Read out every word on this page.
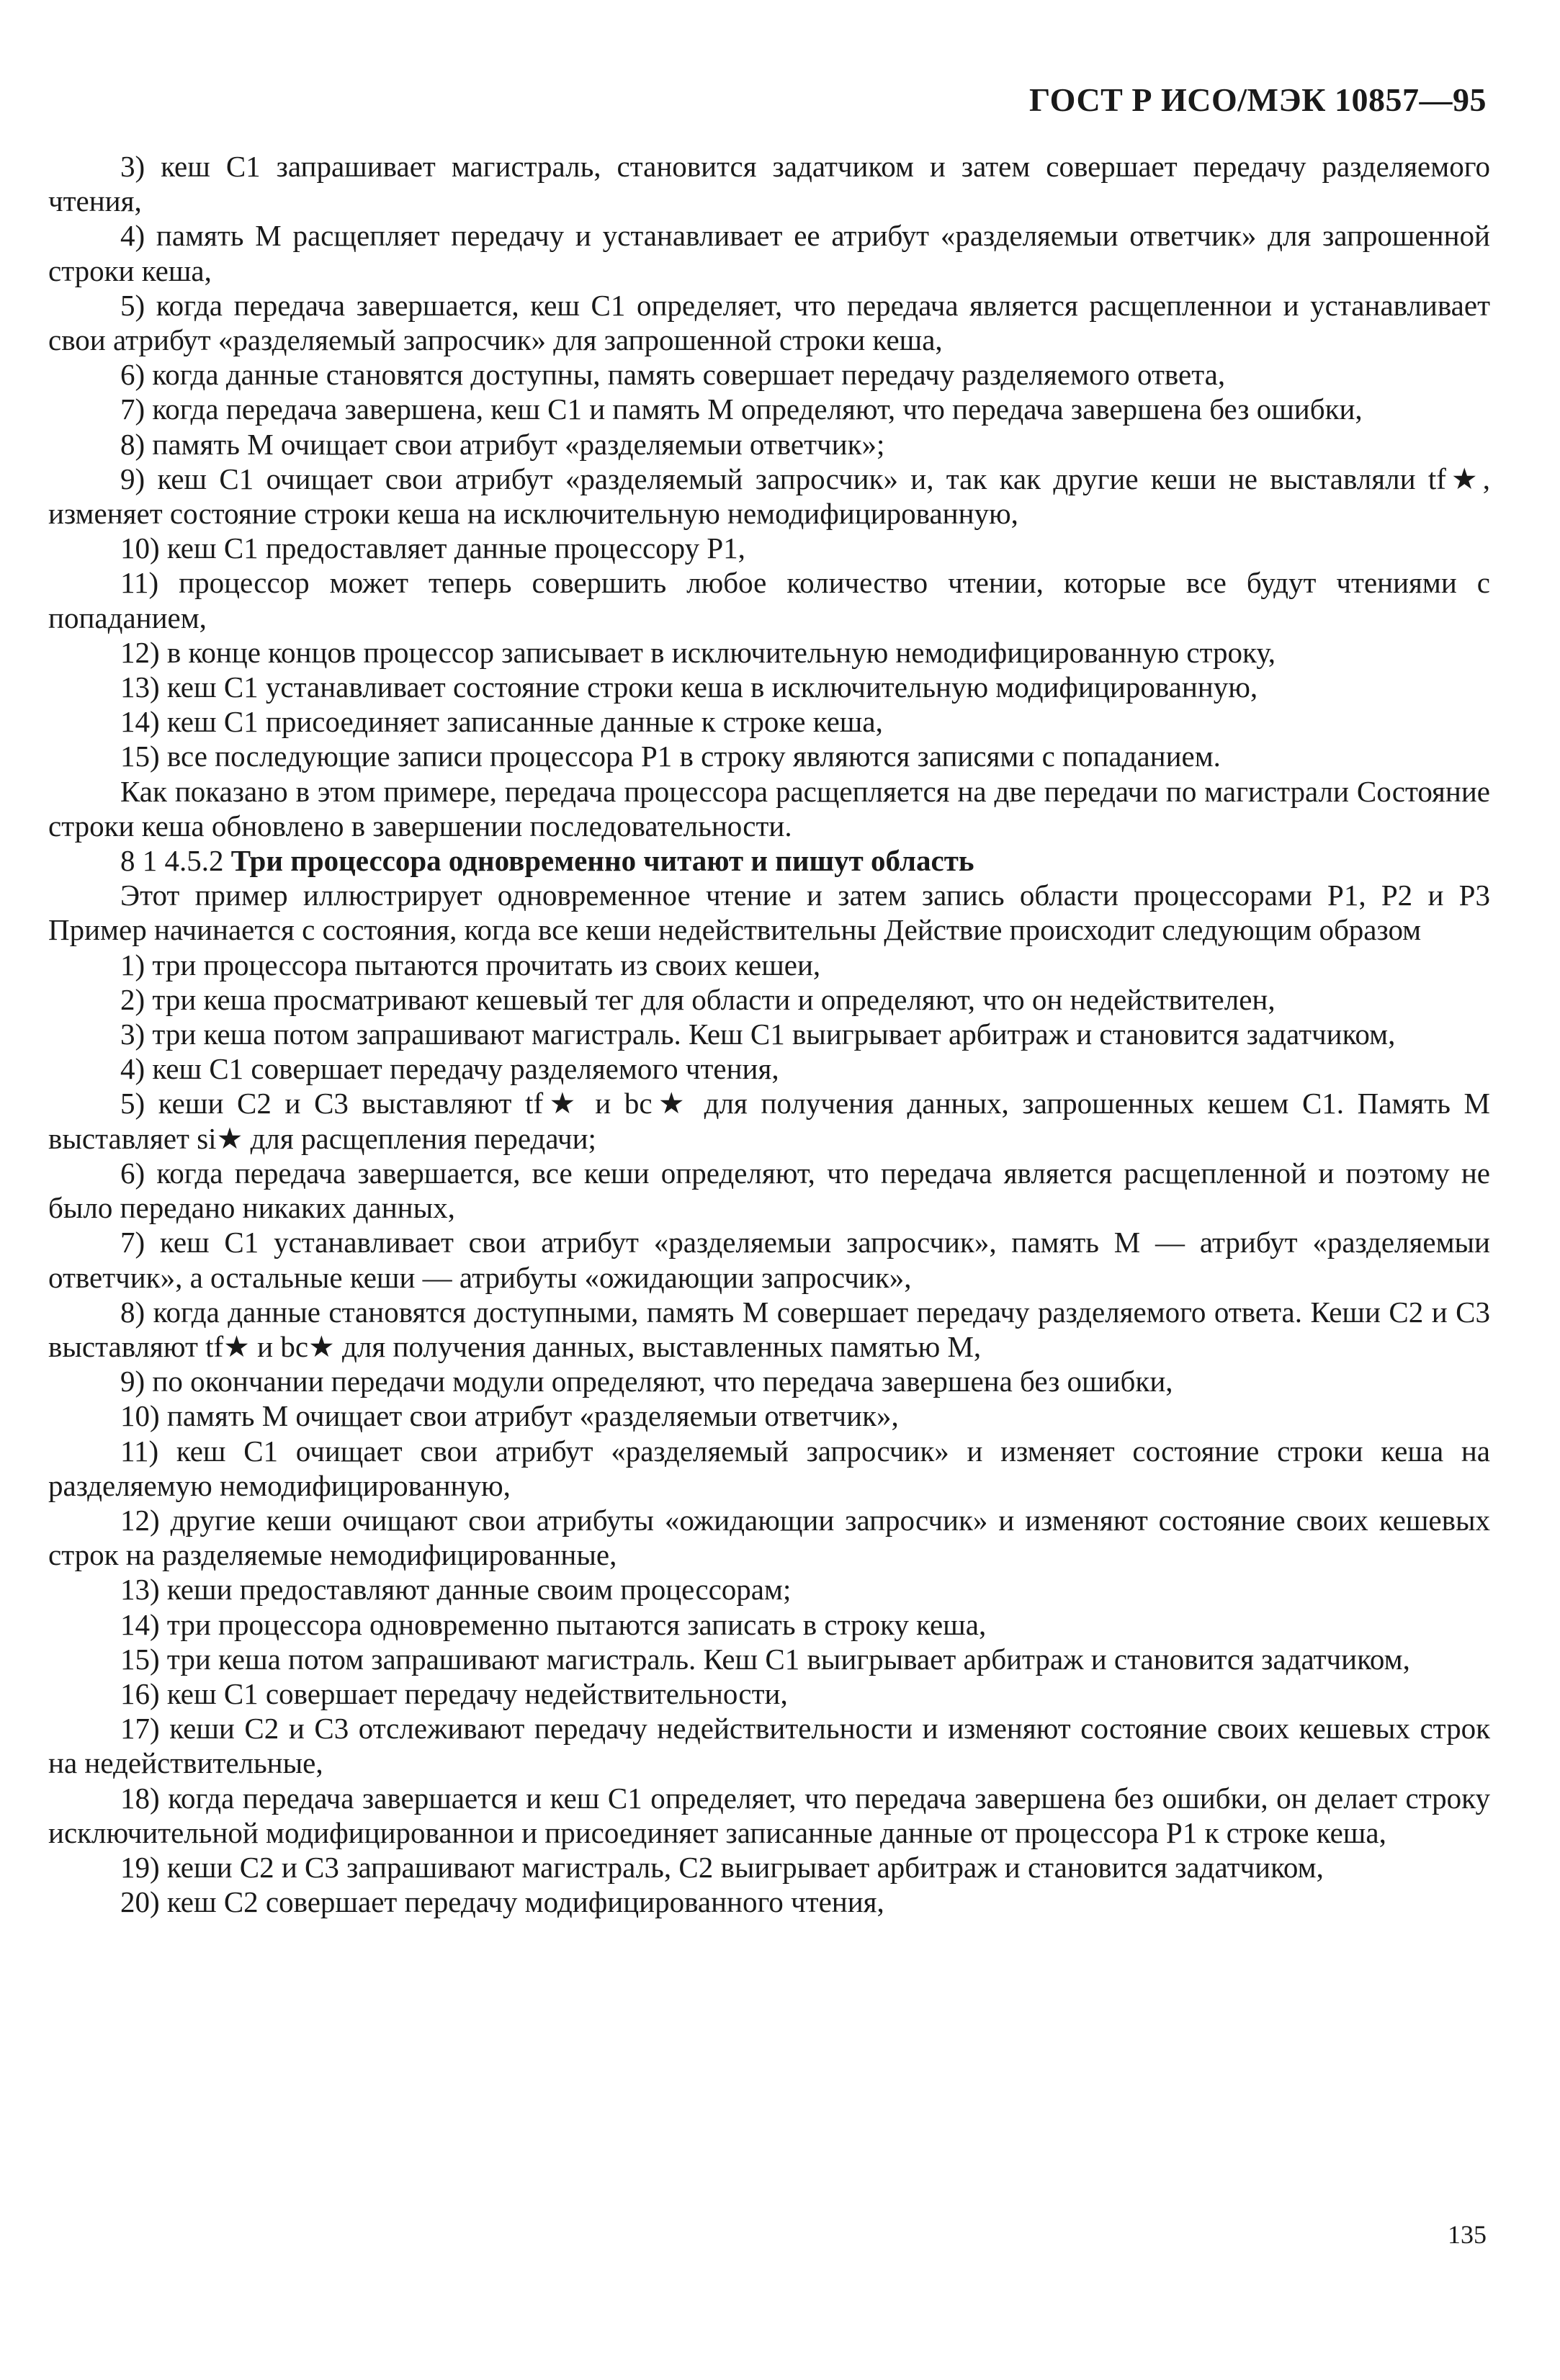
ГОСТ Р ИСО/МЭК 10857—95

3) кеш C1 запрашивает магистраль, становится задатчиком и затем совершает передачу разделяемого чтения,

4) память M расщепляет передачу и устанавливает ее атрибут «разделяемыи ответчик» для запрошенной строки кеша,

5) когда передача завершается, кеш C1 определяет, что передача является расщепленнои и устанавливает свои атрибут «разделяемый запросчик» для запрошенной строки кеша,

6) когда данные становятся доступны, память совершает передачу разделяемого ответа,

7) когда передача завершена, кеш C1 и память M определяют, что передача завершена без ошибки,

8) память M очищает свои атрибут «разделяемыи ответчик»;

9) кеш C1 очищает свои атрибут «разделяемый запросчик» и, так как другие кеши не выставляли tf★, изменяет состояние строки кеша на исключительную немодифицированную,

10) кеш C1 предоставляет данные процессору P1,

11) процессор может теперь совершить любое количество чтении, которые все будут чтениями с попаданием,

12) в конце концов процессор записывает в исключительную немодифицированную строку,

13) кеш C1 устанавливает состояние строки кеша в исключительную модифицированную,

14) кеш C1 присоединяет записанные данные к строке кеша,

15) все последующие записи процессора P1 в строку являются записями с попаданием.

Как показано в этом примере, передача процессора расщепляется на две передачи по магистрали Состояние строки кеша обновлено в завершении последовательности.

8 1 4.5.2 Три процессора одновременно читают и пишут область

Этот пример иллюстрирует одновременное чтение и затем запись области процессорами P1, P2 и P3 Пример начинается с состояния, когда все кеши недействительны Действие происходит следующим образом

1) три процессора пытаются прочитать из своих кешеи,

2) три кеша просматривают кешевый тег для области и определяют, что он недействителен,

3) три кеша потом запрашивают магистраль. Кеш C1 выигрывает арбитраж и становится задатчиком,

4) кеш C1 совершает передачу разделяемого чтения,

5) кеши C2 и C3 выставляют tf★ и bc★ для получения данных, запрошенных кешем C1. Память M выставляет si★ для расщепления передачи;

6) когда передача завершается, все кеши определяют, что передача является расщепленной и поэтому не было передано никаких данных,

7) кеш C1 устанавливает свои атрибут «разделяемыи запросчик», память M — атрибут «разделяемыи ответчик», а остальные кеши — атрибуты «ожидающии запросчик»,

8) когда данные становятся доступными, память M совершает передачу разделяемого ответа. Кеши C2 и C3 выставляют tf★ и bc★ для получения данных, выставленных памятью M,

9) по окончании передачи модули определяют, что передача завершена без ошибки,

10) память M очищает свои атрибут «разделяемыи ответчик»,

11) кеш C1 очищает свои атрибут «разделяемый запросчик» и изменяет состояние строки кеша на разделяемую немодифицированную,

12) другие кеши очищают свои атрибуты «ожидающии запросчик» и изменяют состояние своих кешевых строк на разделяемые немодифицированные,

13) кеши предоставляют данные своим процессорам;

14) три процессора одновременно пытаются записать в строку кеша,

15) три кеша потом запрашивают магистраль. Кеш C1 выигрывает арбитраж и становится задатчиком,

16) кеш C1 совершает передачу недействительности,

17) кеши C2 и C3 отслеживают передачу недействительности и изменяют состояние своих кешевых строк на недействительные,

18) когда передача завершается и кеш C1 определяет, что передача завершена без ошибки, он делает строку исключительной модифицированнои и присоединяет записанные данные от процессора P1 к строке кеша,

19) кеши C2 и C3 запрашивают магистраль, C2 выигрывает арбитраж и становится задатчиком,

20) кеш C2 совершает передачу модифицированного чтения,

135
